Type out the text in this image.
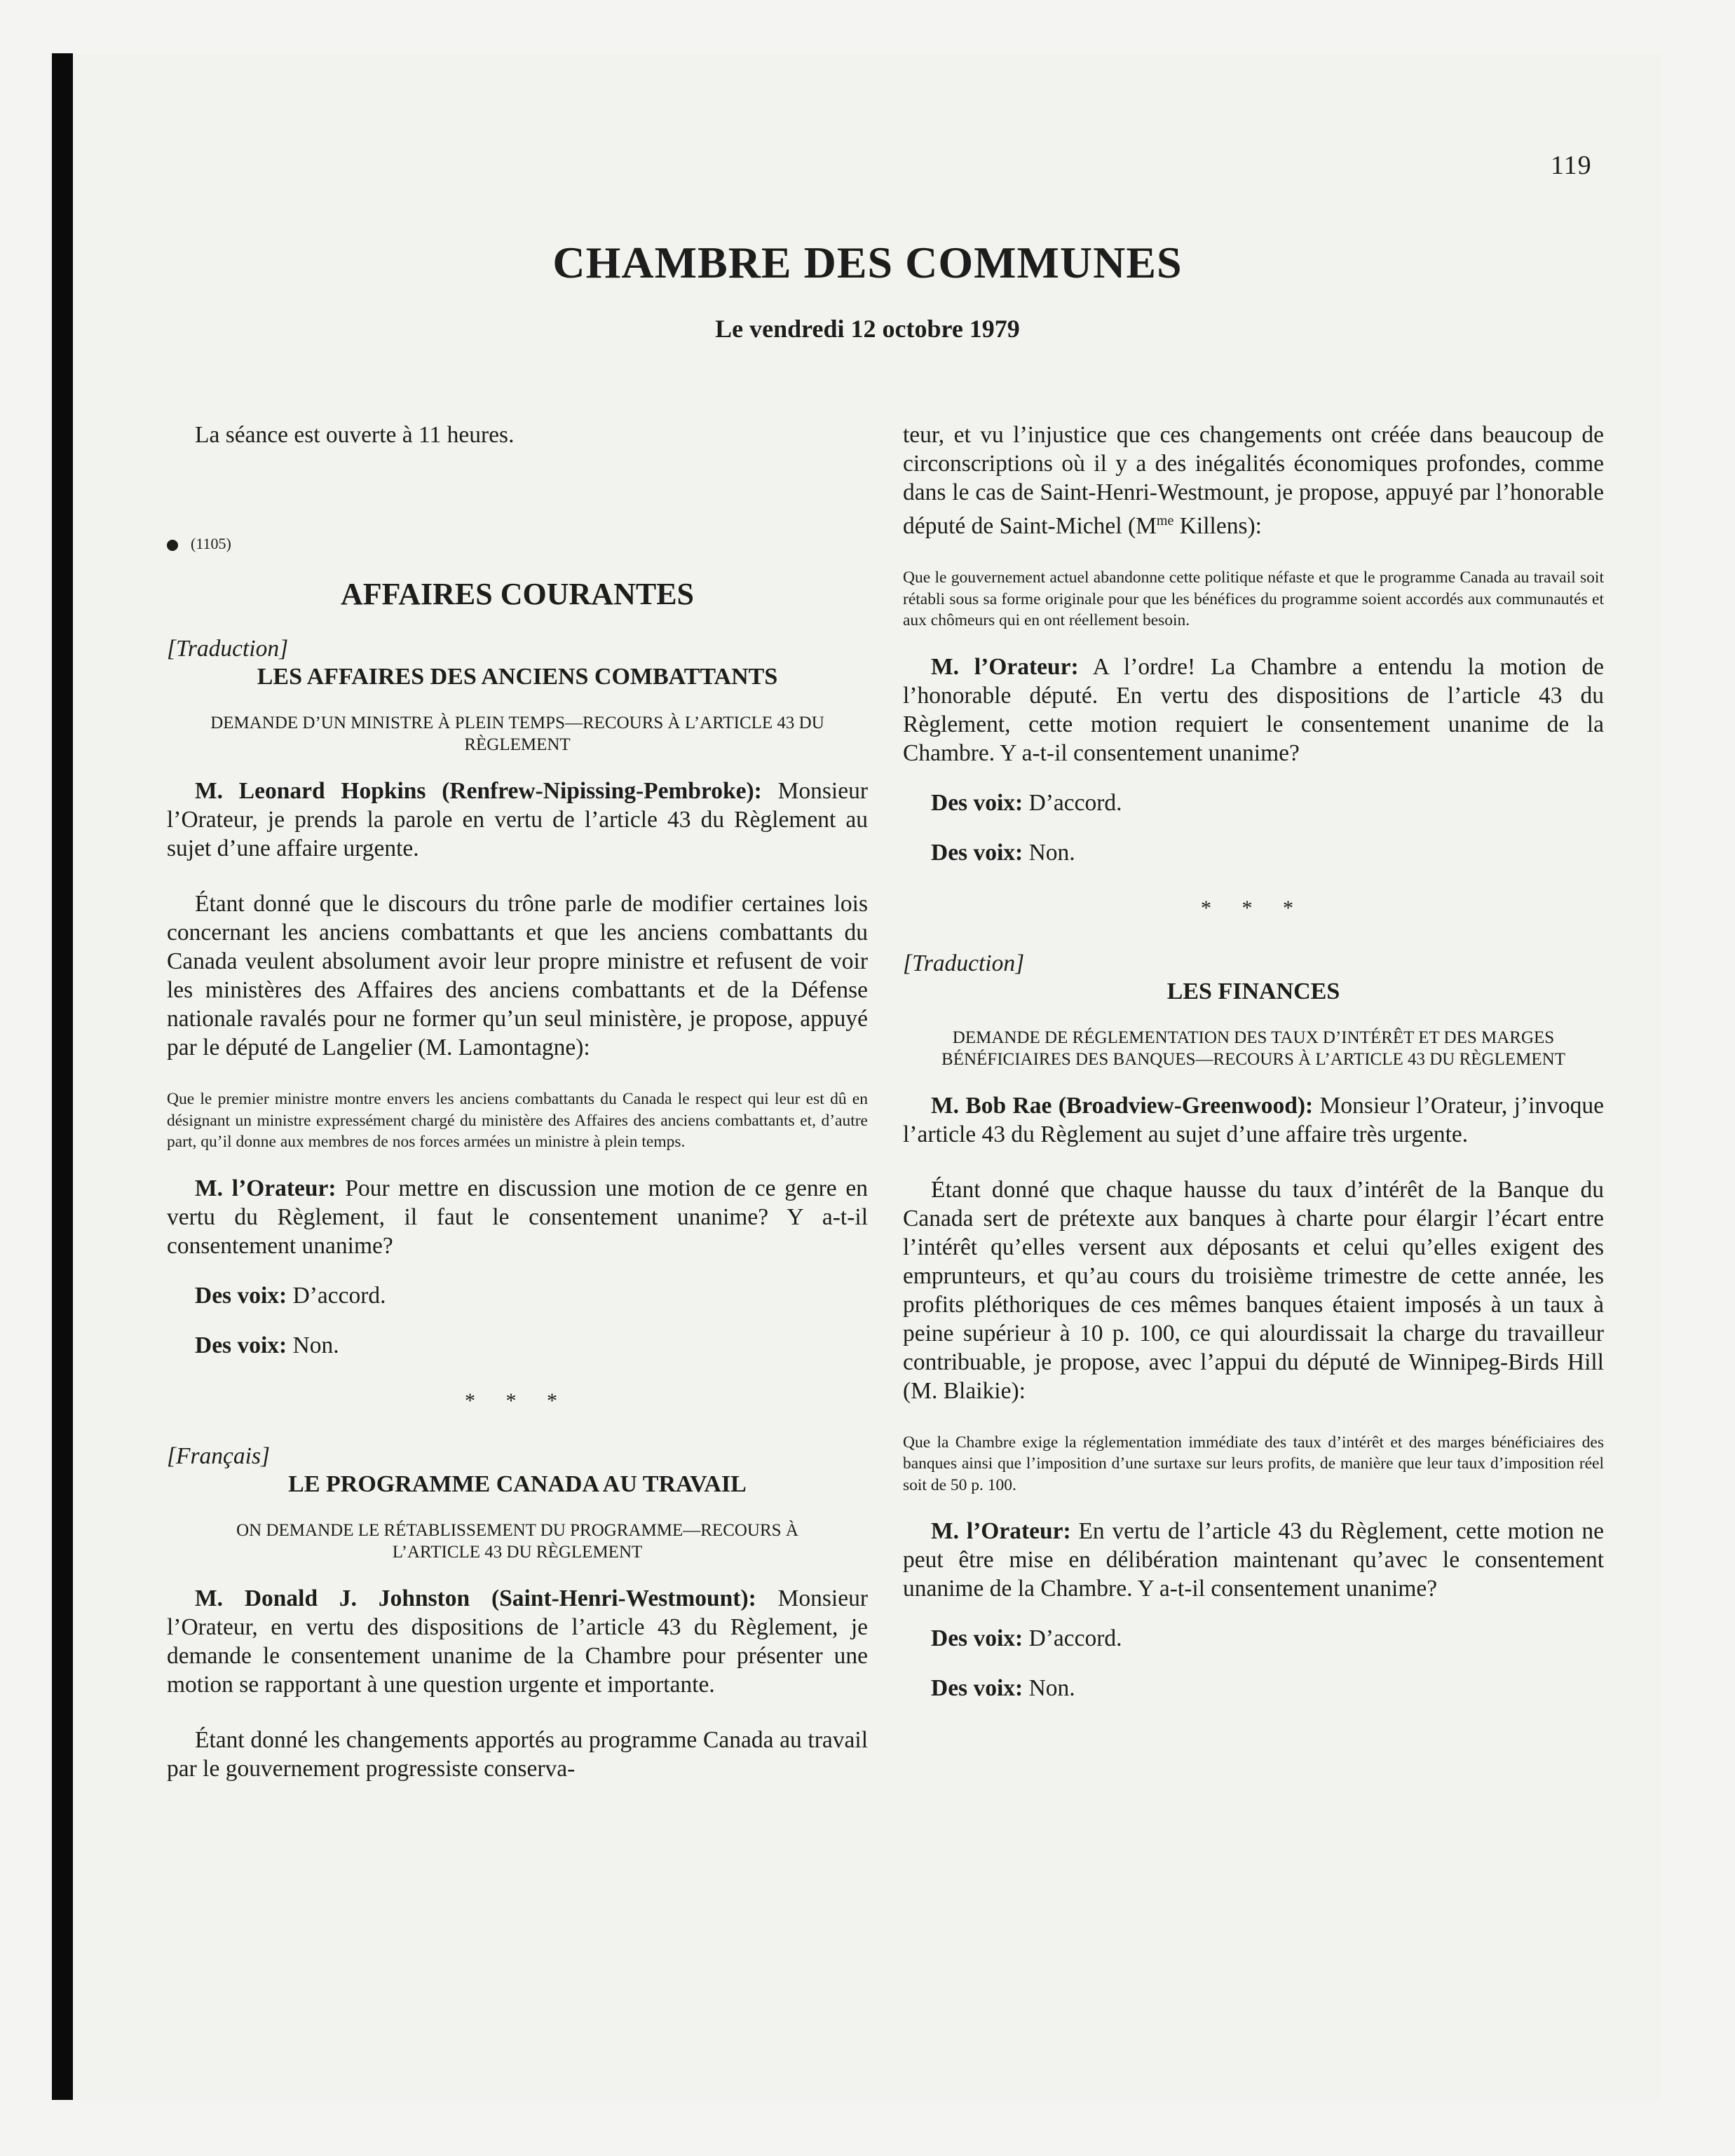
119
CHAMBRE DES COMMUNES
Le vendredi 12 octobre 1979

La séance est ouverte à 11 heures.

(1105)

AFFAIRES COURANTES

[Traduction]

LES AFFAIRES DES ANCIENS COMBATTANTS

DEMANDE D’UN MINISTRE À PLEIN TEMPS—RECOURS À L’ARTICLE 43 DU RÈGLEMENT

M. Leonard Hopkins (Renfrew-Nipissing-Pembroke): Monsieur l’Orateur, je prends la parole en vertu de l’article 43 du Règlement au sujet d’une affaire urgente.

Étant donné que le discours du trône parle de modifier certaines lois concernant les anciens combattants et que les anciens combattants du Canada veulent absolument avoir leur propre ministre et refusent de voir les ministères des Affaires des anciens combattants et de la Défense nationale ravalés pour ne former qu’un seul ministère, je propose, appuyé par le député de Langelier (M. Lamontagne):

Que le premier ministre montre envers les anciens combattants du Canada le respect qui leur est dû en désignant un ministre expressément chargé du ministère des Affaires des anciens combattants et, d’autre part, qu’il donne aux membres de nos forces armées un ministre à plein temps.

M. l’Orateur: Pour mettre en discussion une motion de ce genre en vertu du Règlement, il faut le consentement unanime? Y a-t-il consentement unanime?

Des voix: D’accord.

Des voix: Non.

* * *

[Français]

LE PROGRAMME CANADA AU TRAVAIL

ON DEMANDE LE RÉTABLISSEMENT DU PROGRAMME—RECOURS À L’ARTICLE 43 DU RÈGLEMENT

M. Donald J. Johnston (Saint-Henri-Westmount): Monsieur l’Orateur, en vertu des dispositions de l’article 43 du Règlement, je demande le consentement unanime de la Chambre pour présenter une motion se rapportant à une question urgente et importante.

Étant donné les changements apportés au programme Canada au travail par le gouvernement progressiste conserva-

teur, et vu l’injustice que ces changements ont créée dans beaucoup de circonscriptions où il y a des inégalités économiques profondes, comme dans le cas de Saint-Henri-Westmount, je propose, appuyé par l’honorable député de Saint-Michel ($M^{me}$ Killens):

Que le gouvernement actuel abandonne cette politique néfaste et que le programme Canada au travail soit rétabli sous sa forme originale pour que les bénéfices du programme soient accordés aux communautés et aux chômeurs qui en ont réellement besoin.

M. l’Orateur: A l’ordre! La Chambre a entendu la motion de l’honorable député. En vertu des dispositions de l’article 43 du Règlement, cette motion requiert le consentement unanime de la Chambre. Y a-t-il consentement unanime?

Des voix: D’accord.

Des voix: Non.

* * *

[Traduction]

LES FINANCES

DEMANDE DE RÉGLEMENTATION DES TAUX D’INTÉRÊT ET DES MARGES BÉNÉFICIAIRES DES BANQUES—RECOURS À L’ARTICLE 43 DU RÈGLEMENT

M. Bob Rae (Broadview-Greenwood): Monsieur l’Orateur, j’invoque l’article 43 du Règlement au sujet d’une affaire très urgente.

Étant donné que chaque hausse du taux d’intérêt de la Banque du Canada sert de prétexte aux banques à charte pour élargir l’écart entre l’intérêt qu’elles versent aux déposants et celui qu’elles exigent des emprunteurs, et qu’au cours du troisième trimestre de cette année, les profits pléthoriques de ces mêmes banques étaient imposés à un taux à peine supérieur à 10 p. 100, ce qui alourdissait la charge du travailleur contribuable, je propose, avec l’appui du député de Winnipeg-Birds Hill (M. Blaikie):

Que la Chambre exige la réglementation immédiate des taux d’intérêt et des marges bénéficiaires des banques ainsi que l’imposition d’une surtaxe sur leurs profits, de manière que leur taux d’imposition réel soit de 50 p. 100.

M. l’Orateur: En vertu de l’article 43 du Règlement, cette motion ne peut être mise en délibération maintenant qu’avec le consentement unanime de la Chambre. Y a-t-il consentement unanime?

Des voix: D’accord.

Des voix: Non.
